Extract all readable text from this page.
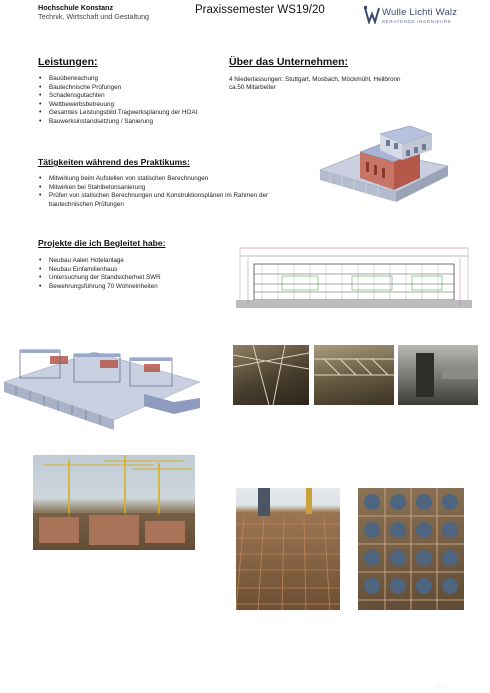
Hochschule Konstanz
Technik, Wirtschaft und Gestaltung
Praxissemester WS19/20	Wulle Lichti Walz
BERATENDE INGENIEURE
Leistungen:
• Bauüberwachung
• Bautechnische Prüfungen
• Schadensgutachten
• Wettbewerbsbetreuung
• Gesamtes Leistungsbild Tragwerksplanung der HOAI
• Bauwerksinstandsetzung / Sanierung
Über das Unternehmen:
4 Niederlassungen: Stuttgart, Mosbach, Möckmühl, Heilbronn
ca.50 Mitarbeiter
Tätigkeiten während des Praktikums:
• Mitwirkung beim Aufstellen von statischen Berechnungen
• Mitwirken bei Stahlbetonsanierung
• Prüfen von statischen Berechnungen und Konstruktionsplänen im Rahmen der bautechnischen Prüfungen
Projekte die ich Begleitet habe:
• Neubau Aalen Hotelanlage
• Neubau Einfamilienhaus
• Untersuchung der Standsicherheit SWR
• Bewehrungsführung 70 Wohneinheiten
· · · ·
